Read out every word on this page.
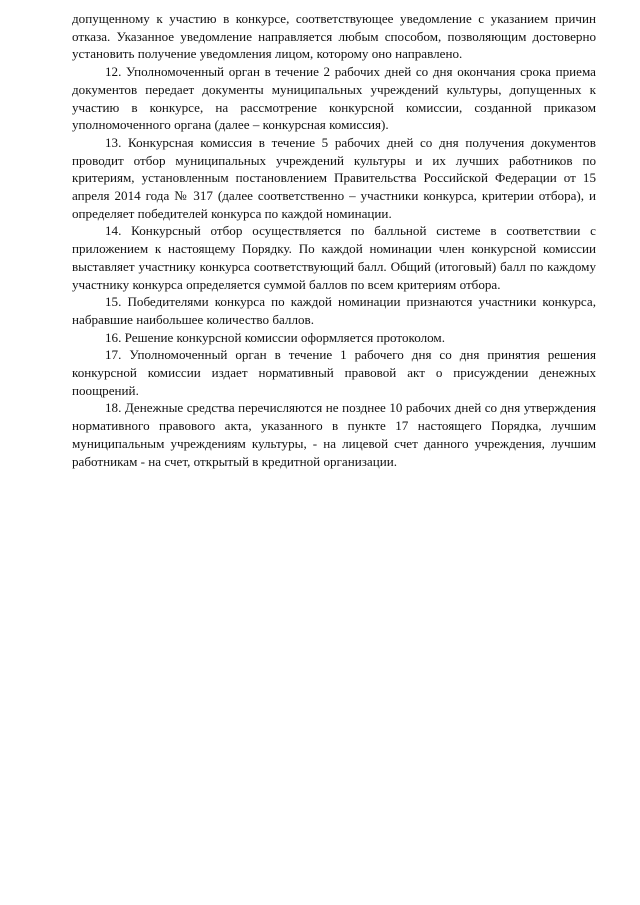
допущенному к участию в конкурсе, соответствующее уведомление с указанием причин отказа. Указанное уведомление направляется любым способом, позволяющим достоверно установить получение уведомления лицом, которому оно направлено.

12. Уполномоченный орган в течение 2 рабочих дней со дня окончания срока приема документов передает документы муниципальных учреждений культуры, допущенных к участию в конкурсе, на рассмотрение конкурсной комиссии, созданной приказом уполномоченного органа (далее – конкурсная комиссия).

13. Конкурсная комиссия в течение 5 рабочих дней со дня получения документов проводит отбор муниципальных учреждений культуры и их лучших работников по критериям, установленным постановлением Правительства Российской Федерации от 15 апреля 2014 года № 317 (далее соответственно – участники конкурса, критерии отбора), и определяет победителей конкурса по каждой номинации.

14. Конкурсный отбор осуществляется по балльной системе в соответствии с приложением к настоящему Порядку. По каждой номинации член конкурсной комиссии выставляет участнику конкурса соответствующий балл. Общий (итоговый) балл по каждому участнику конкурса определяется суммой баллов по всем критериям отбора.

15. Победителями конкурса по каждой номинации признаются участники конкурса, набравшие наибольшее количество баллов.

16. Решение конкурсной комиссии оформляется протоколом.

17. Уполномоченный орган в течение 1 рабочего дня со дня принятия решения конкурсной комиссии издает нормативный правовой акт о присуждении денежных поощрений.

18. Денежные средства перечисляются не позднее 10 рабочих дней со дня утверждения нормативного правового акта, указанного в пункте 17 настоящего Порядка, лучшим муниципальным учреждениям культуры, - на лицевой счет данного учреждения, лучшим работникам - на счет, открытый в кредитной организации.
